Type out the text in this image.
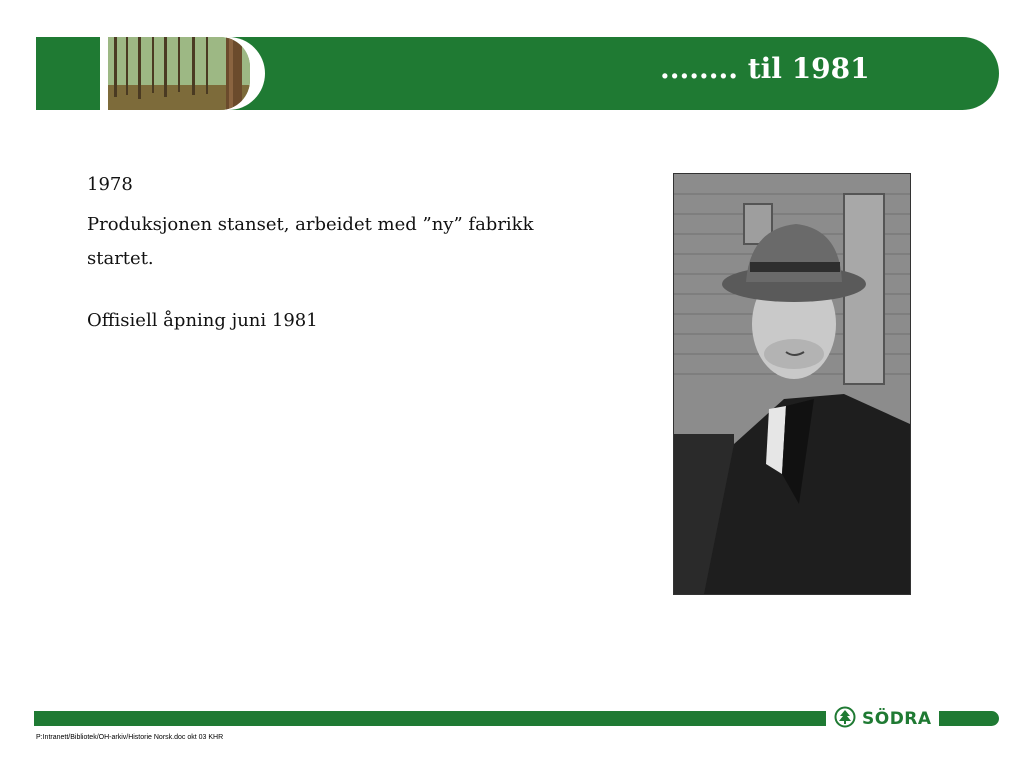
........ til 1981

1978

Produksjonen stanset, arbeidet med ”ny” fabrikk

startet.

Offisiell åpning juni 1981

SÖDRA
P:Intranett/Bibliotek/OH-arkiv/Historie Norsk.doc okt 03 KHR
